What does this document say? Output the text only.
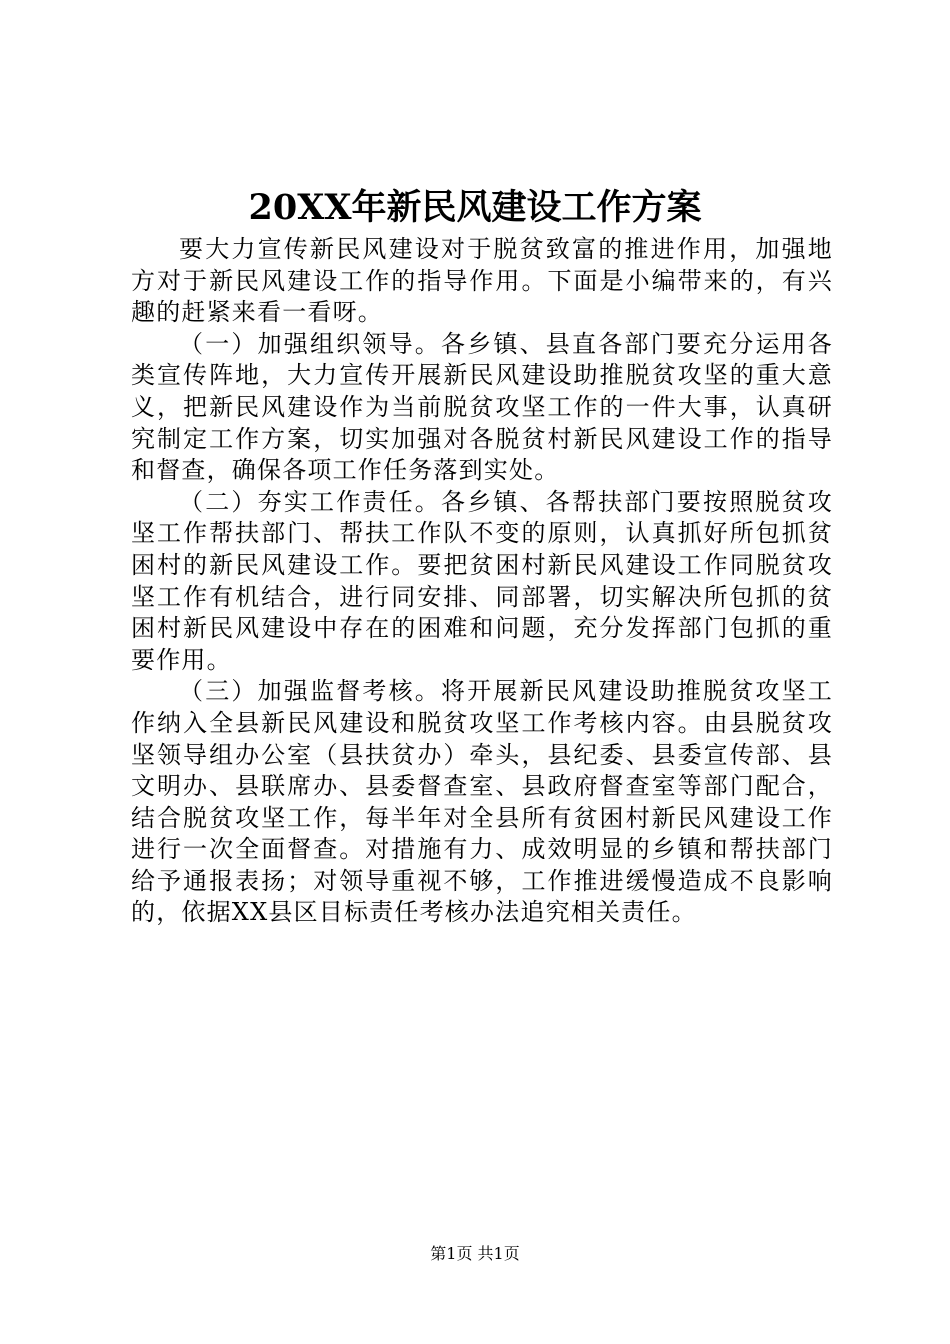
20XX年新民风建设工作方案

要大力宣传新民风建设对于脱贫致富的推进作用，加强地方对于新民风建设工作的指导作用。下面是小编带来的，有兴趣的赶紧来看一看呀。

（一）加强组织领导。各乡镇、县直各部门要充分运用各类宣传阵地，大力宣传开展新民风建设助推脱贫攻坚的重大意义，把新民风建设作为当前脱贫攻坚工作的一件大事，认真研究制定工作方案，切实加强对各脱贫村新民风建设工作的指导和督查，确保各项工作任务落到实处。

（二）夯实工作责任。各乡镇、各帮扶部门要按照脱贫攻坚工作帮扶部门、帮扶工作队不变的原则，认真抓好所包抓贫困村的新民风建设工作。要把贫困村新民风建设工作同脱贫攻坚工作有机结合，进行同安排、同部署，切实解决所包抓的贫困村新民风建设中存在的困难和问题，充分发挥部门包抓的重要作用。

（三）加强监督考核。将开展新民风建设助推脱贫攻坚工作纳入全县新民风建设和脱贫攻坚工作考核内容。由县脱贫攻坚领导组办公室（县扶贫办）牵头，县纪委、县委宣传部、县文明办、县联席办、县委督查室、县政府督查室等部门配合，结合脱贫攻坚工作，每半年对全县所有贫困村新民风建设工作进行一次全面督查。对措施有力、成效明显的乡镇和帮扶部门给予通报表扬；对领导重视不够，工作推进缓慢造成不良影响的，依据XX县区目标责任考核办法追究相关责任。

第1页 共1页
